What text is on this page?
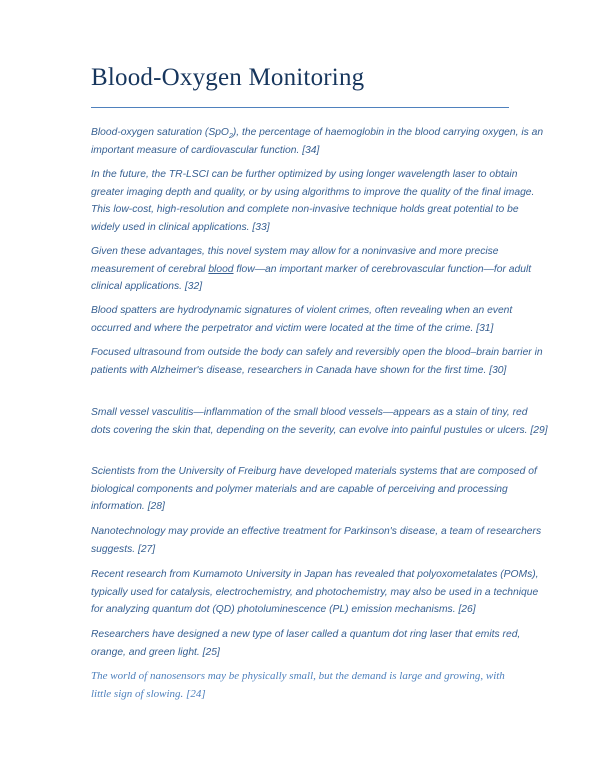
Blood-Oxygen Monitoring

Blood-oxygen saturation (SpO$_2$), the percentage of haemoglobin in the blood carrying oxygen, is an important measure of cardiovascular function. [34]

In the future, the TR-LSCI can be further optimized by using longer wavelength laser to obtain greater imaging depth and quality, or by using algorithms to improve the quality of the final image. This low-cost, high-resolution and complete non-invasive technique holds great potential to be widely used in clinical applications. [33]

Given these advantages, this novel system may allow for a noninvasive and more precise measurement of cerebral blood flow—an important marker of cerebrovascular function—for adult clinical applications. [32]

Blood spatters are hydrodynamic signatures of violent crimes, often revealing when an event occurred and where the perpetrator and victim were located at the time of the crime. [31]

Focused ultrasound from outside the body can safely and reversibly open the blood–brain barrier in patients with Alzheimer's disease, researchers in Canada have shown for the first time. [30]

Small vessel vasculitis—inflammation of the small blood vessels—appears as a stain of tiny, red dots covering the skin that, depending on the severity, can evolve into painful pustules or ulcers. [29]

Scientists from the University of Freiburg have developed materials systems that are composed of biological components and polymer materials and are capable of perceiving and processing information. [28]

Nanotechnology may provide an effective treatment for Parkinson's disease, a team of researchers suggests. [27]

Recent research from Kumamoto University in Japan has revealed that polyoxometalates (POMs), typically used for catalysis, electrochemistry, and photochemistry, may also be used in a technique for analyzing quantum dot (QD) photoluminescence (PL) emission mechanisms. [26]

Researchers have designed a new type of laser called a quantum dot ring laser that emits red, orange, and green light. [25]

The world of nanosensors may be physically small, but the demand is large and growing, with little sign of slowing. [24]
